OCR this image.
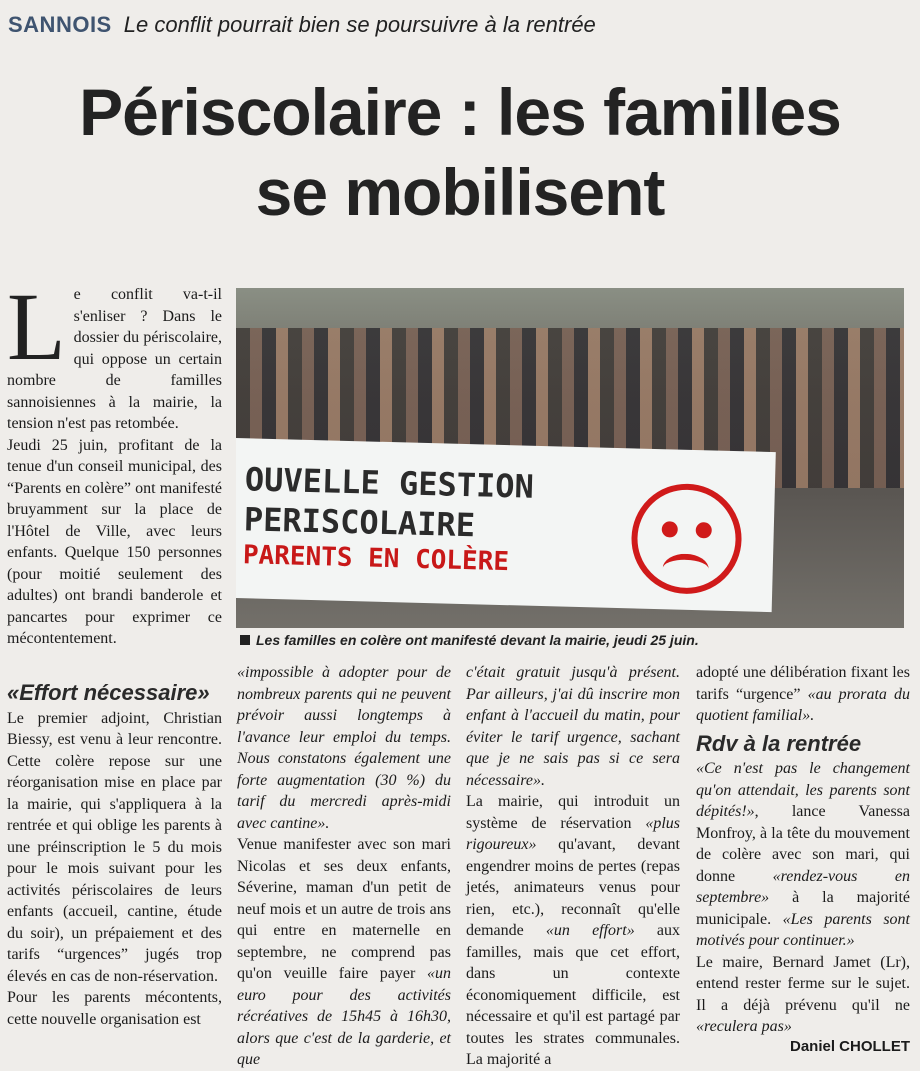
SANNOIS Le conflit pourrait bien se poursuivre à la rentrée
Périscolaire : les familles
se mobilisent
L e conflit va-t-il s'enliser ? Dans le dossier du périscolaire, qui oppose un certain nombre de familles sannoisiennes à la mairie, la tension n'est pas retombée.

Jeudi 25 juin, profitant de la tenue d'un conseil municipal, des “Parents en colère” ont manifesté bruyamment sur la place de l'Hôtel de Ville, avec leurs enfants. Quelque 150 personnes (pour moitié seulement des adultes) ont brandi banderole et pancartes pour exprimer ce mécontentement.

OUVELLE GESTION
PERISCOLAIRE
PARENTS EN COLÈRE
Les familles en colère ont manifesté devant la mairie, jeudi 25 juin.
«Effort nécessaire»

Le premier adjoint, Christian Biessy, est venu à leur rencontre. Cette colère repose sur une réorganisation mise en place par la mairie, qui s'appliquera à la rentrée et qui oblige les parents à une préinscription le 5 du mois pour le mois suivant pour les activités périscolaires de leurs enfants (accueil, cantine, étude du soir), un prépaiement et des tarifs “urgences” jugés trop élevés en cas de non-réservation.

Pour les parents mécontents, cette nouvelle organisation est

«impossible à adopter pour de nombreux parents qui ne peuvent prévoir aussi longtemps à l'avance leur emploi du temps. Nous constatons également une forte augmentation (30 %) du tarif du mercredi après-midi avec cantine».

Venue manifester avec son mari Nicolas et ses deux enfants, Séverine, maman d'un petit de neuf mois et un autre de trois ans qui entre en maternelle en septembre, ne comprend pas qu'on veuille faire payer «un euro pour des activités récréatives de 15h45 à 16h30, alors que c'est de la garderie, et que

c'était gratuit jusqu'à présent. Par ailleurs, j'ai dû inscrire mon enfant à l'accueil du matin, pour éviter le tarif urgence, sachant que je ne sais pas si ce sera nécessaire».

La mairie, qui introduit un système de réservation «plus rigoureux» qu'avant, devant engendrer moins de pertes (repas jetés, animateurs venus pour rien, etc.), reconnaît qu'elle demande «un effort» aux familles, mais que cet effort, dans un contexte économiquement difficile, est nécessaire et qu'il est partagé par toutes les strates communales. La majorité a

adopté une délibération fixant les tarifs “urgence” «au prorata du quotient familial».

Rdv à la rentrée

«Ce n'est pas le changement qu'on attendait, les parents sont dépités!», lance Vanessa Monfroy, à la tête du mouvement de colère avec son mari, qui donne «rendez-vous en septembre» à la majorité municipale. «Les parents sont motivés pour continuer.»

Le maire, Bernard Jamet (Lr), entend rester ferme sur le sujet. Il a déjà prévenu qu'il ne «reculera pas»
Daniel CHOLLET
